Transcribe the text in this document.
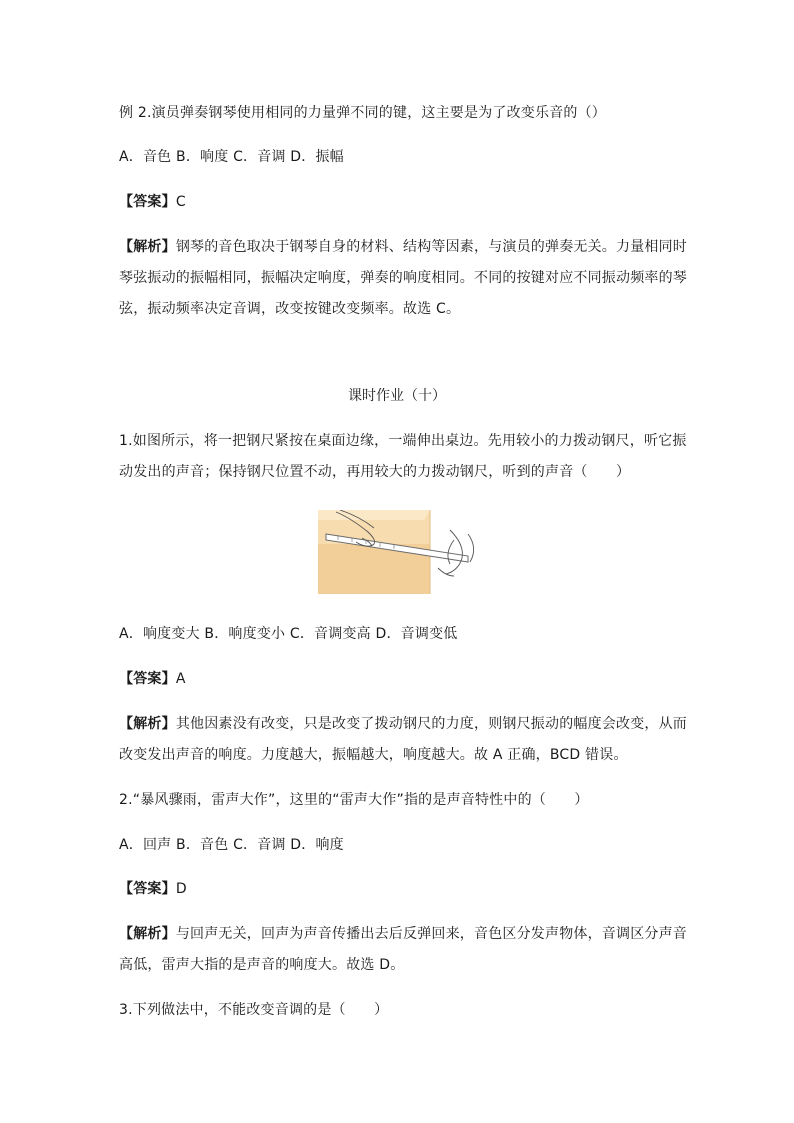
例 2.演员弹奏钢琴使用相同的力量弹不同的键，这主要是为了改变乐音的（）
A．音色 B．响度 C．音调 D．振幅
【答案】C
【解析】钢琴的音色取决于钢琴自身的材料、结构等因素，与演员的弹奏无关。力量相同时
琴弦振动的振幅相同，振幅决定响度，弹奏的响度相同。不同的按键对应不同振动频率的琴
弦，振动频率决定音调，改变按键改变频率。故选 C。
课时作业（十）
1.如图所示，将一把钢尺紧按在桌面边缘，一端伸出桌边。先用较小的力拨动钢尺，听它振
动发出的声音；保持钢尺位置不动，再用较大的力拨动钢尺，听到的声音（　　）
A．响度变大 B．响度变小 C．音调变高 D．音调变低
【答案】A
【解析】其他因素没有改变，只是改变了拨动钢尺的力度，则钢尺振动的幅度会改变，从而
改变发出声音的响度。力度越大，振幅越大，响度越大。故 A 正确，BCD 错误。
2.“暴风骤雨，雷声大作”，这里的“雷声大作”指的是声音特性中的（　　）
A．回声 B．音色 C．音调 D．响度
【答案】D
【解析】与回声无关，回声为声音传播出去后反弹回来，音色区分发声物体，音调区分声音
高低，雷声大指的是声音的响度大。故选 D。
3.下列做法中，不能改变音调的是（　　）
